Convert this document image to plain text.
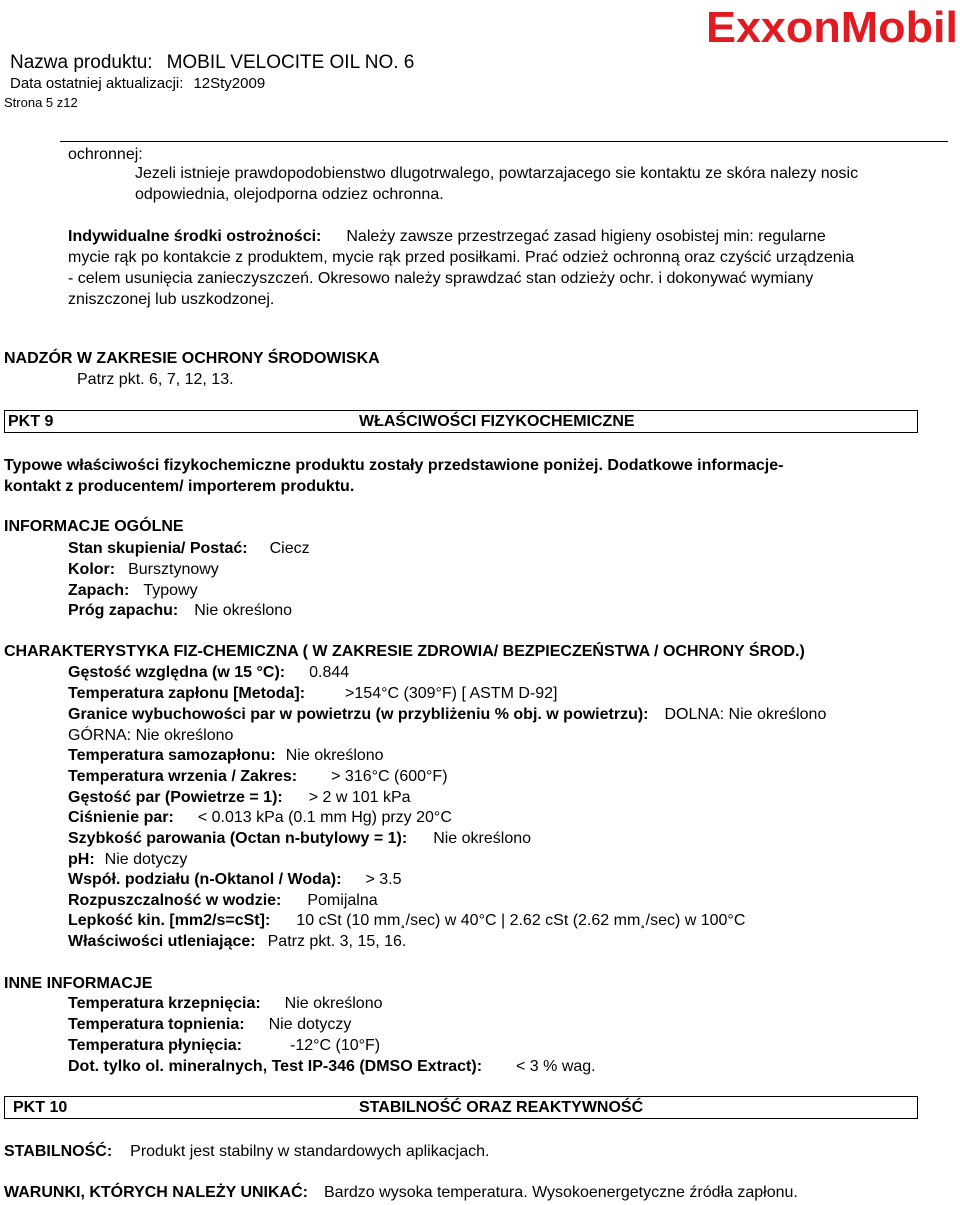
ExxonMobil
Nazwa produktu: MOBIL VELOCITE OIL NO. 6
Data ostatniej aktualizacji: 12Sty2009
Strona 5 z12
ochronnej:
Jezeli istnieje prawdopodobienstwo dlugotrwalego, powtarzajacego sie kontaktu ze skóra nalezy nosic
odpowiednia, olejodporna odziez ochronna.
Indywidualne środki ostrożności: Należy zawsze przestrzegać zasad higieny osobistej min: regularne
mycie rąk po kontakcie z produktem, mycie rąk przed posiłkami. Prać odzież ochronną oraz czyścić urządzenia
- celem usunięcia zanieczyszczeń. Okresowo należy sprawdzać stan odzieży ochr. i dokonywać wymiany
zniszczonej lub uszkodzonej.
NADZÓR W ZAKRESIE OCHRONY ŚRODOWISKA
Patrz pkt. 6, 7, 12, 13.
PKT 9	WŁAŚCIWOŚCI FIZYKOCHEMICZNE
Typowe właściwości fizykochemiczne produktu zostały przedstawione poniżej. Dodatkowe informacje-
kontakt z producentem/ importerem produktu.
INFORMACJE OGÓLNE
Stan skupienia/ Postać: Ciecz
Kolor: Bursztynowy
Zapach: Typowy
Próg zapachu: Nie określono
CHARAKTERYSTYKA FIZ-CHEMICZNA ( W ZAKRESIE ZDROWIA/ BEZPIECZEŃSTWA / OCHRONY ŚROD.)
Gęstość względna (w 15 °C): 0.844
Temperatura zapłonu [Metoda]:	>154°C (309°F) [ ASTM D-92]
Granice wybuchowości par w powietrzu (w przybliżeniu % obj. w powietrzu): DOLNA: Nie określono
GÓRNA: Nie określono
Temperatura samozapłonu: Nie określono
Temperatura wrzenia / Zakres: > 316°C (600°F)
Gęstość par (Powietrze = 1): > 2 w 101 kPa
Ciśnienie par: < 0.013 kPa (0.1 mm Hg) przy 20°C
Szybkość parowania (Octan n-butylowy = 1): Nie określono
pH: Nie dotyczy
Współ. podziału (n-Oktanol / Woda): > 3.5
Rozpuszczalność w wodzie: Pomijalna
Lepkość kin. [mm2/s=cSt]: 10 cSt (10 mm¸/sec) w 40°C | 2.62 cSt (2.62 mm¸/sec) w 100°C
Właściwości utleniające: Patrz pkt. 3, 15, 16.
INNE INFORMACJE
Temperatura krzepnięcia: Nie określono
Temperatura topnienia: Nie dotyczy
Temperatura płynięcia:	-12°C (10°F)
Dot. tylko ol. mineralnych, Test IP-346 (DMSO Extract): < 3 % wag.
PKT 10	STABILNOŚĆ ORAZ REAKTYWNOŚĆ
STABILNOŚĆ: Produkt jest stabilny w standardowych aplikacjach.
WARUNKI, KTÓRYCH NALEŻY UNIKAĆ: Bardzo wysoka temperatura. Wysokoenergetyczne źródła zapłonu.
